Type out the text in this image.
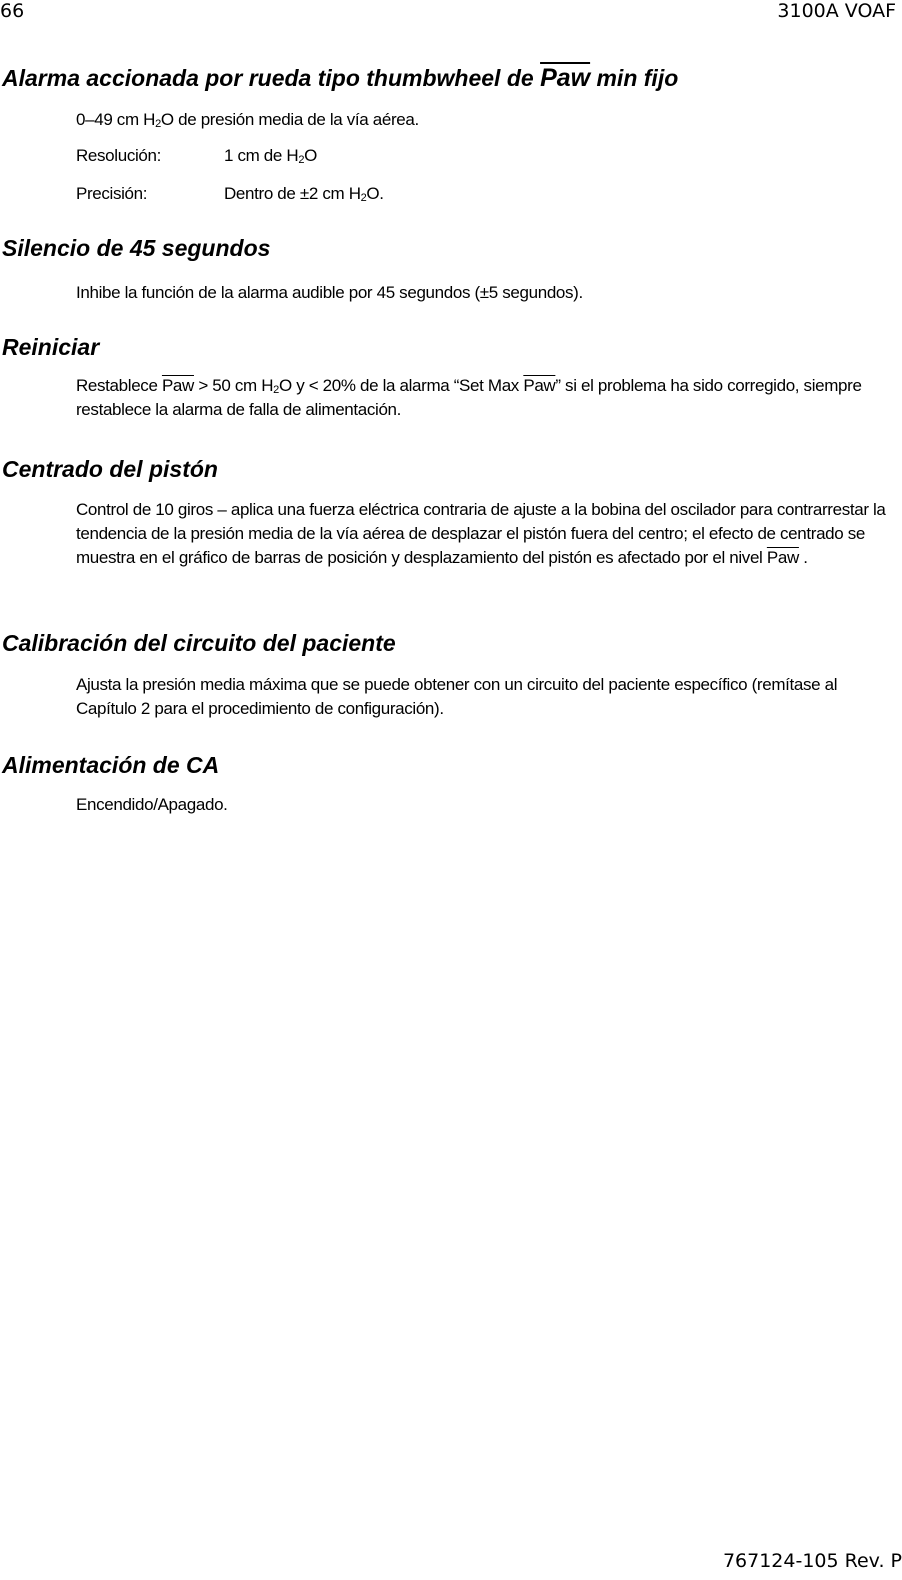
66	3100A VOAF
Alarma accionada por rueda tipo thumbwheel de Paw min fijo

0–49 cm $H_2O$ de presión media de la vía aérea.

Resolución:	1 cm de $H_2O$

Precisión:	Dentro de ±2 cm $H_2O$.

Silencio de 45 segundos

Inhibe la función de la alarma audible por 45 segundos (±5 segundos).

Reiniciar

Restablece $\overline{Paw} > 50$ cm $H_2O$ y < 20% de la alarma “Set Max $\overline{Paw}$” si el problema ha sido corregido, siempre restablece la alarma de falla de alimentación.

Centrado del pistón

Control de 10 giros – aplica una fuerza eléctrica contraria de ajuste a la bobina del oscilador para contrarrestar la tendencia de la presión media de la vía aérea de desplazar el pistón fuera del centro; el efecto de centrado se muestra en el gráfico de barras de posición y desplazamiento del pistón es afectado por el nivel $\overline{Paw}$ .

Calibración del circuito del paciente

Ajusta la presión media máxima que se puede obtener con un circuito del paciente específico (remítase al Capítulo 2 para el procedimiento de configuración).

Alimentación de CA

Encendido/Apagado.

767124-105 Rev. P
